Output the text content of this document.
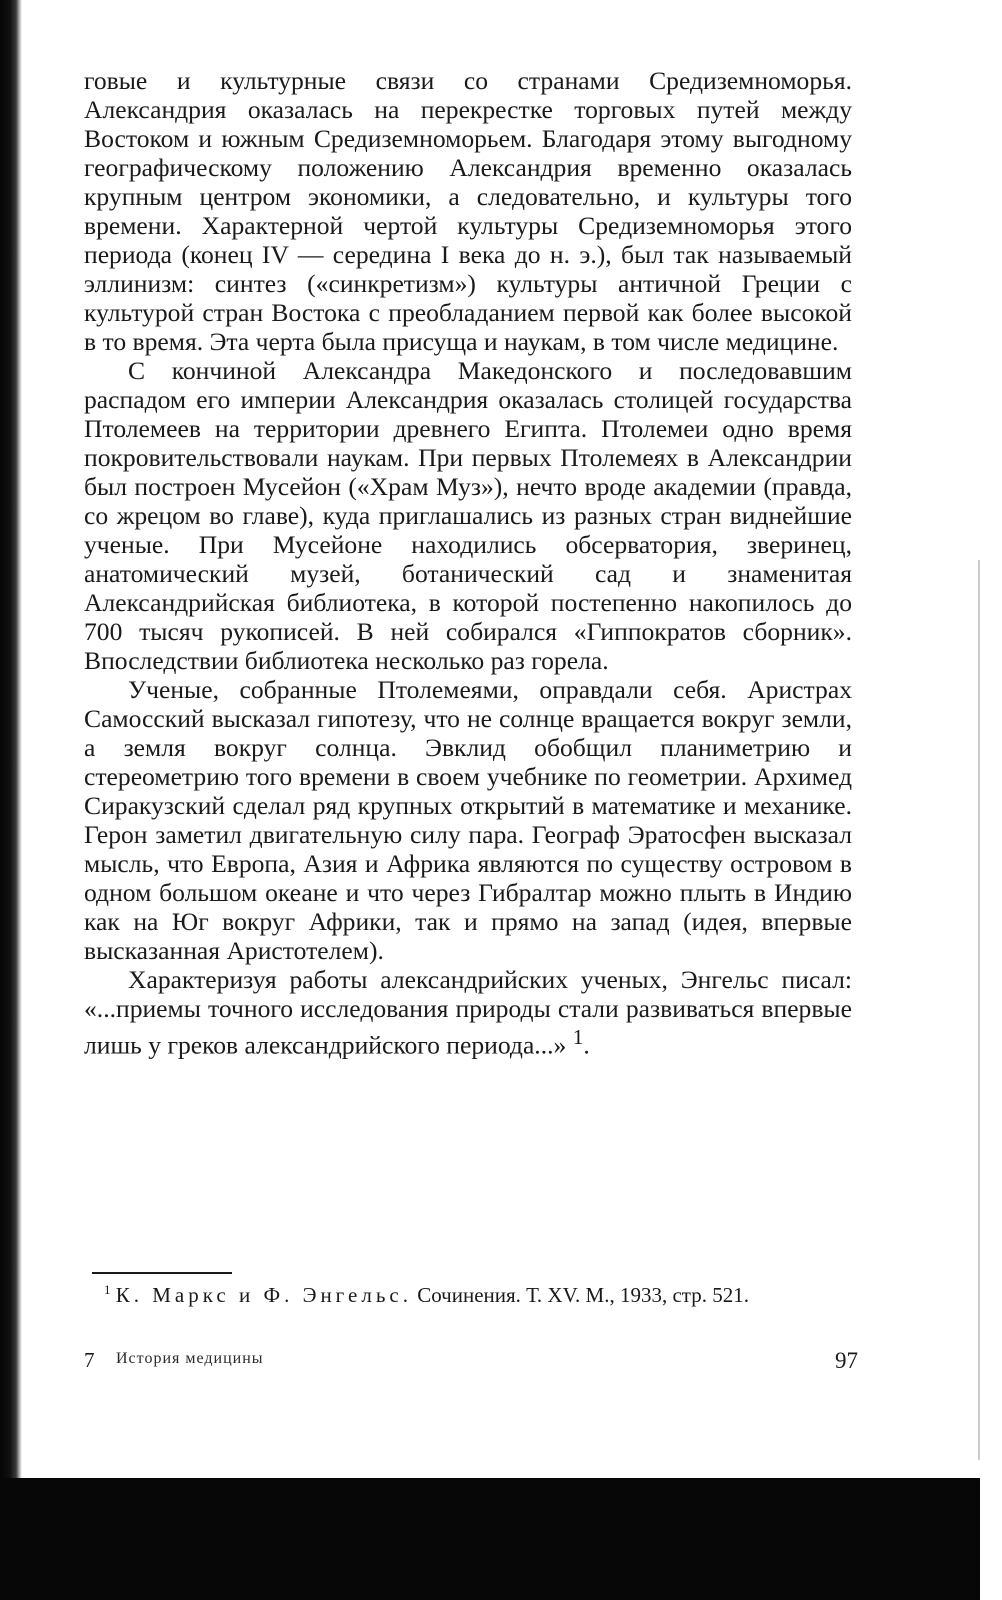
говые и культурные связи со странами Средиземноморья. Александрия оказалась на перекрестке торговых путей между Востоком и южным Средиземноморьем. Благодаря этому выгодному географическому положению Александрия временно оказалась крупным центром экономики, а следовательно, и культуры того времени. Характерной чертой культуры Средиземноморья этого периода (конец IV — середина I века до н. э.), был так называемый эллинизм: синтез («синкретизм») культуры античной Греции с культурой стран Востока с преобладанием первой как более высокой в то время. Эта черта была присуща и наукам, в том числе медицине.

С кончиной Александра Македонского и последовавшим распадом его империи Александрия оказалась столицей государства Птолемеев на территории древнего Египта. Птолемеи одно время покровительствовали наукам. При первых Птолемеях в Александрии был построен Мусейон («Храм Муз»), нечто вроде академии (правда, со жрецом во главе), куда приглашались из разных стран виднейшие ученые. При Мусейоне находились обсерватория, зверинец, анатомический музей, ботанический сад и знаменитая Александрийская библиотека, в которой постепенно накопилось до 700 тысяч рукописей. В ней собирался «Гиппократов сборник». Впоследствии библиотека несколько раз горела.

Ученые, собранные Птолемеями, оправдали себя. Аристрах Самосский высказал гипотезу, что не солнце вращается вокруг земли, а земля вокруг солнца. Эвклид обобщил планиметрию и стереометрию того времени в своем учебнике по геометрии. Архимед Сиракузский сделал ряд крупных открытий в математике и механике. Герон заметил двигательную силу пара. Географ Эратосфен высказал мысль, что Европа, Азия и Африка являются по существу островом в одном большом океане и что через Гибралтар можно плыть в Индию как на Юг вокруг Африки, так и прямо на запад (идея, впервые высказанная Аристотелем).

Характеризуя работы александрийских ученых, Энгельс писал: «...приемы точного исследования природы стали развиваться впервые лишь у греков александрийского периода...» $^1$.

$^1$ К. Маркс и Ф. Энгельс. Сочинения. Т. XV. М., 1933, стр. 521.
7 История медицины	97
